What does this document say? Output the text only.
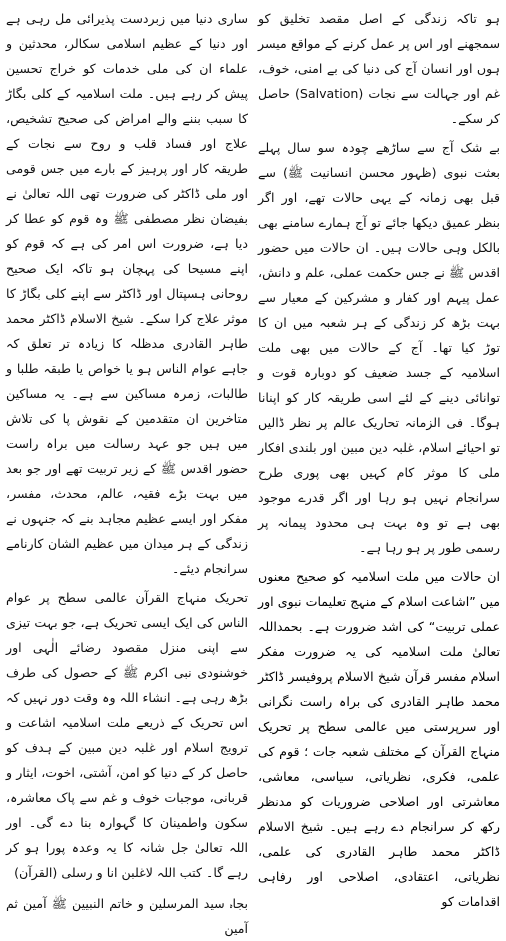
ہو تاکہ زندگی کے اصل مقصد تخلیق کو سمجھنے اور اس پر عمل کرنے کے مواقع میسر ہوں اور انسان آج کی دنیا کی بے امنی، خوف، غم اور جہالت سے نجات (Salvation) حاصل کر سکے۔

بے شک آج سے ساڑھے چودہ سو سال پہلے بعثت نبوی (ظہور محسن انسانیت ﷺ) سے قبل بھی زمانہ کے یہی حالات تھے، اور اگر بنظر عمیق دیکھا جائے تو آج ہمارے سامنے بھی بالکل وہی حالات ہیں۔ ان حالات میں حضور اقدس ﷺ نے جس حکمت عملی، علم و دانش، عمل پیہم اور کفار و مشرکین کے معیار سے بہت بڑھ کر زندگی کے ہر شعبہ میں ان کا توڑ کیا تھا۔ آج کے حالات میں بھی ملت اسلامیہ کے جسد ضعیف کو دوبارہ قوت و توانائی دینے کے لئے اسی طریقہ کار کو اپنانا ہوگا۔ فی الزمانہ تحاریک عالم پر نظر ڈالیں تو احیائے اسلام، غلبہ دین مبین اور بلندی افکار ملی کا موثر کام کہیں بھی پوری طرح سرانجام نہیں ہو رہا اور اگر قدرے موجود بھی ہے تو وہ بہت ہی محدود پیمانہ پر رسمی طور پر ہو رہا ہے۔

ان حالات میں ملت اسلامیہ کو صحیح معنوں میں ”اشاعت اسلام کے منہج تعلیمات نبوی اور عملی تربیت“ کی اشد ضرورت ہے۔ بحمداللہ تعالیٰ ملت اسلامیہ کی یہ ضرورت مفکر اسلام مفسر قرآن شیخ الاسلام پروفیسر ڈاکٹر محمد طاہر القادری کی براہ راست نگرانی اور سرپرستی میں عالمی سطح پر تحریک منہاج القرآن کے مختلف شعبہ جات ؛ قوم کی علمی، فکری، نظریاتی، سیاسی، معاشی، معاشرتی اور اصلاحی ضروریات کو مدنظر رکھ کر سرانجام دے رہے ہیں۔ شیخ الاسلام ڈاکٹر محمد طاہر القادری کی علمی، نظریاتی، اعتقادی، اصلاحی اور رفاہی اقدامات کو

ساری دنیا میں زبردست پذیرائی مل رہی ہے اور دنیا کے عظیم اسلامی سکالر، محدثین و علماء ان کی ملی خدمات کو خراج تحسین پیش کر رہے ہیں۔ ملت اسلامیہ کے کلی بگاڑ کا سبب بننے والے امراض کی صحیح تشخیص، علاج اور فساد قلب و روح سے نجات کے طریقہ کار اور پرہیز کے بارے میں جس قومی اور ملی ڈاکٹر کی ضرورت تھی اللہ تعالیٰ نے بفیضان نظر مصطفی ﷺ وہ قوم کو عطا کر دیا ہے، ضرورت اس امر کی ہے کہ قوم کو اپنے مسیحا کی پہچان ہو تاکہ ایک صحیح روحانی ہسپتال اور ڈاکٹر سے اپنے کلی بگاڑ کا موثر علاج کرا سکے۔ شیخ الاسلام ڈاکٹر محمد طاہر القادری مدظلہ کا زیادہ تر تعلق کہ جاہے عوام الناس ہو یا خواص یا طبقہ طلبا و طالبات، زمرہ مساکین سے ہے۔ یہ مساکین متاخرین ان متقدمین کے نقوش پا کی تلاش میں ہیں جو عہد رسالت میں براہ راست حضور اقدس ﷺ کے زیر تربیت تھے اور جو بعد میں بہت بڑے فقیہ، عالم، محدث، مفسر، مفکر اور ایسے عظیم مجاہد بنے کہ جنہوں نے زندگی کے ہر میدان میں عظیم الشان کارنامے سرانجام دیئے۔

تحریک منہاج القرآن عالمی سطح پر عوام الناس کی ایک ایسی تحریک ہے، جو بہت تیزی سے اپنی منزل مقصود رضائے الٰہی اور خوشنودی نبی اکرم ﷺ کے حصول کی طرف بڑھ رہی ہے۔ انشاء اللہ وہ وقت دور نہیں کہ اس تحریک کے ذریعے ملت اسلامیہ اشاعت و ترویج اسلام اور غلبہ دین مبین کے ہدف کو حاصل کر کے دنیا کو امن، آشتی، اخوت، ایثار و قربانی، موجبات خوف و غم سے پاک معاشرہ، سکون واطمینان کا گہوارہ بنا دے گی۔ اور اللہ تعالیٰ جل شانہ کا یہ وعدہ پورا ہو کر رہے گا۔ کتب اللہ لاغلبن انا و رسلی (القرآن)

بجاہ سید المرسلین و خاتم النبیین ﷺ آمین ثم آمین
